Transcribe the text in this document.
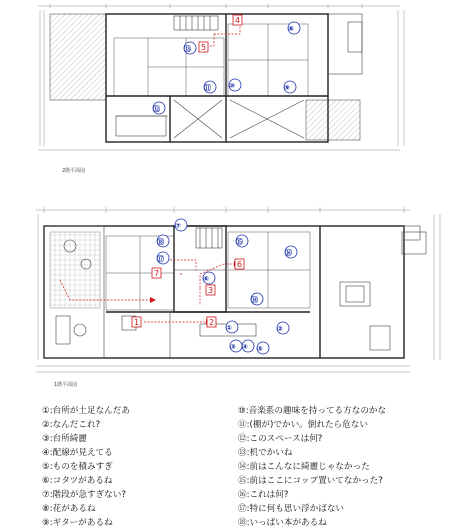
2階平面図
1階平面図
1	2
3
4
5
6
7
①	②
③ ④ ⑤
⑥
⑦
⑧
⑨
⑩
⑪
⑫
⑬
⑭
⑮
⑯
⑰
⑱
①:台所が土足なんだあ
②:なんだこれ?
③:台所綺麗
④:配線が見えてる
⑤:ものを積みすぎ
⑥:コタツがあるね
⑦:階段が急すぎない?
⑧:花があるね
⑨:ギターがあるね
⑩:音楽系の趣味を持ってる方なのかな
⑪:(棚が)でかい。倒れたら危ない
⑫:このスペースは何?
⑬:机でかいね
⑭:前はこんなに綺麗じゃなかった
⑮:前はここにコップ置いてなかった?
⑯:これは何?
⑰:特に何も思い浮かばない
⑱:いっぱい本があるね
